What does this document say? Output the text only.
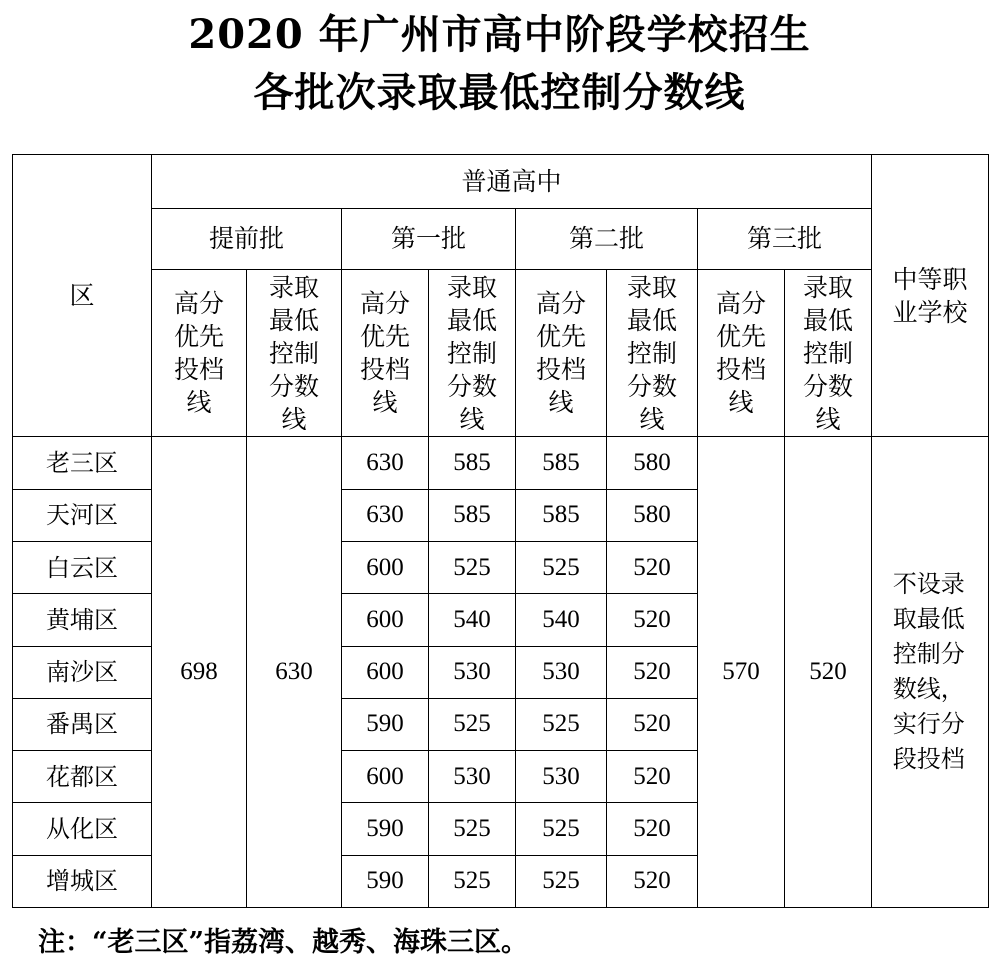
2020 年广州市高中阶段学校招生
各批次录取最低控制分数线
区	普通高中								中等职业学校
	提前批		第一批		第二批		第三批		
	高分优先投档线	录取最低控制分数线	高分优先投档线	录取最低控制分数线	高分优先投档线	录取最低控制分数线	高分优先投档线	录取最低控制分数线	
老三区	698	630	630	585	585	580	570	520	不设录取最低控制分数线，实行分段投档
天河区			630	585	585	580			
白云区			600	525	525	520			
黄埔区			600	540	540	520			
南沙区			600	530	530	520			
番禺区			590	525	525	520			
花都区			600	530	530	520			
从化区			590	525	525	520			
增城区			590	525	525	520			
注：“老三区”指荔湾、越秀、海珠三区。
